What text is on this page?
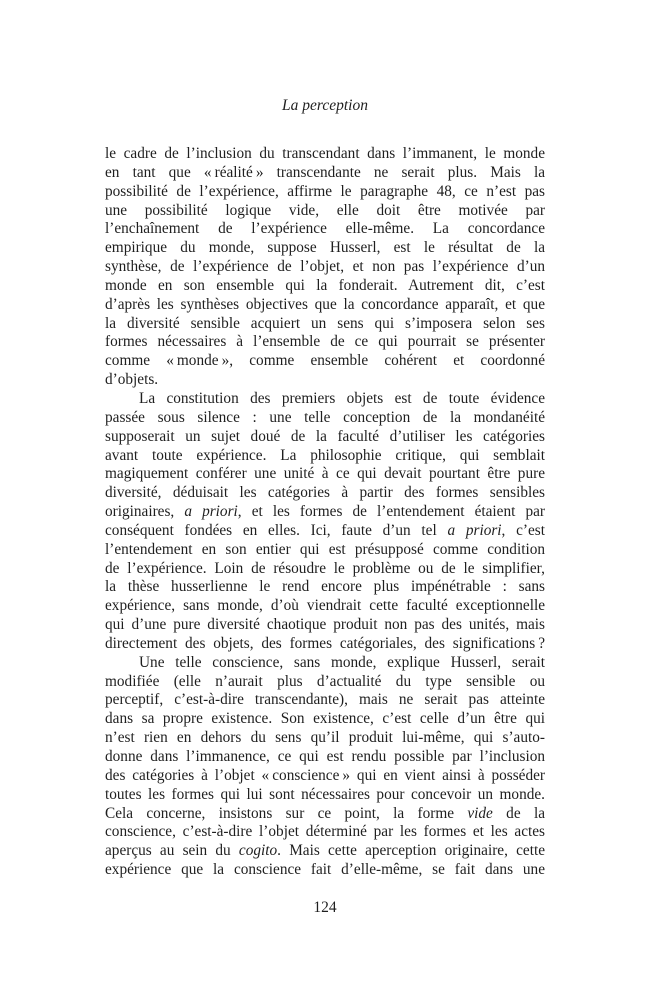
La perception
le cadre de l’inclusion du transcendant dans l’immanent, le monde
en tant que « réalité » transcendante ne serait plus. Mais la
possibilité de l’expérience, affirme le paragraphe 48, ce n’est pas
une possibilité logique vide, elle doit être motivée par
l’enchaînement de l’expérience elle-même. La concordance
empirique du monde, suppose Husserl, est le résultat de la
synthèse, de l’expérience de l’objet, et non pas l’expérience d’un
monde en son ensemble qui la fonderait. Autrement dit, c’est
d’après les synthèses objectives que la concordance apparaît, et que
la diversité sensible acquiert un sens qui s’imposera selon ses
formes nécessaires à l’ensemble de ce qui pourrait se présenter
comme « monde », comme ensemble cohérent et coordonné
d’objets.
La constitution des premiers objets est de toute évidence
passée sous silence : une telle conception de la mondanéité
supposerait un sujet doué de la faculté d’utiliser les catégories
avant toute expérience. La philosophie critique, qui semblait
magiquement conférer une unité à ce qui devait pourtant être pure
diversité, déduisait les catégories à partir des formes sensibles
originaires, a priori, et les formes de l’entendement étaient par
conséquent fondées en elles. Ici, faute d’un tel a priori, c’est
l’entendement en son entier qui est présupposé comme condition
de l’expérience. Loin de résoudre le problème ou de le simplifier,
la thèse husserlienne le rend encore plus impénétrable : sans
expérience, sans monde, d’où viendrait cette faculté exceptionnelle
qui d’une pure diversité chaotique produit non pas des unités, mais
directement des objets, des formes catégoriales, des significations ?
Une telle conscience, sans monde, explique Husserl, serait
modifiée (elle n’aurait plus d’actualité du type sensible ou
perceptif, c’est-à-dire transcendante), mais ne serait pas atteinte
dans sa propre existence. Son existence, c’est celle d’un être qui
n’est rien en dehors du sens qu’il produit lui-même, qui s’auto-
donne dans l’immanence, ce qui est rendu possible par l’inclusion
des catégories à l’objet « conscience » qui en vient ainsi à posséder
toutes les formes qui lui sont nécessaires pour concevoir un monde.
Cela concerne, insistons sur ce point, la forme vide de la
conscience, c’est-à-dire l’objet déterminé par les formes et les actes
aperçus au sein du cogito. Mais cette aperception originaire, cette
expérience que la conscience fait d’elle-même, se fait dans une
124
